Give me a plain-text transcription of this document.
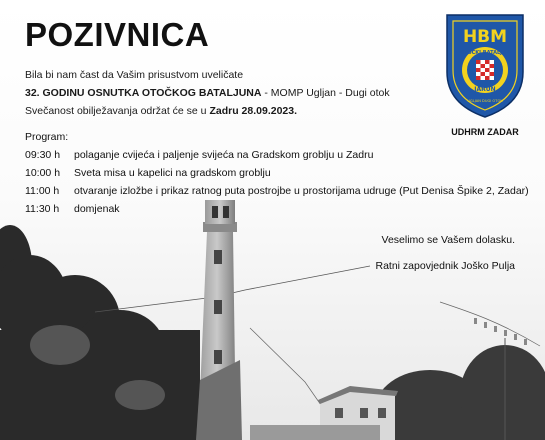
POZIVNICA
Bila bi nam čast da Vašim prisustvom uveličate
32. GODINU OSNUTKA OTOČKOG BATALJUNA - MOMP Ugljan - Dugi otok
Svečanost obilježavanja održat će se u Zadru 28.09.2023.
Program:
09:30 h	polaganje cvijeća i paljenje svijeća na Gradskom groblju u Zadru
10:00 h	Sveta misa u kapelici na gradskom groblju
11:00 h	otvaranje izložbe i prikaz ratnog puta postrojbe u prostorijama udruge (Put Denisa Špike 2, Zadar)
11:30 h	domjenak
HBM
OTOČKI BATALJUN
JARUN
UGLJAN DUGI OTOK
UDHRM ZADAR
Veselimo se Vašem dolasku.
Ratni zapovjednik Joško Pulja
